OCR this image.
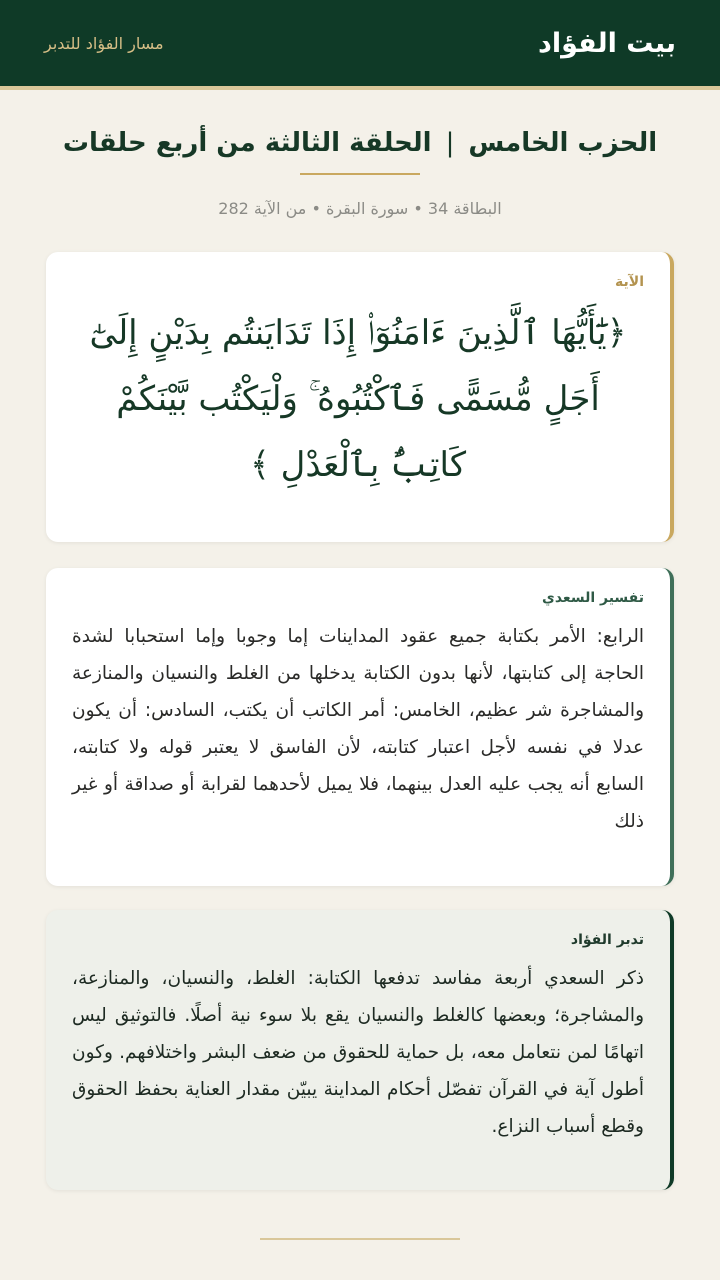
بيت الفؤاد
مسار الفؤاد للتدبر
الحزب الخامس|الحلقة الثالثة من أربع حلقات
البطاقة 34 • سورة البقرة • من الآية 282
الآية
﴿يَٰٓأَيُّهَا ٱلَّذِينَ ءَامَنُوٓا۟ إِذَا تَدَايَنتُم بِدَيْنٍ إِلَىٰٓ أَجَلٍ مُّسَمًّى فَٱكْتُبُوهُ ۚ وَلْيَكْتُب بَّيْنَكُمْ كَاتِبٌۢ بِٱلْعَدْلِ ﴾
تفسير السعدي
الرابع: الأمر بكتابة جميع عقود المداينات إما وجوبا وإما استحبابا لشدة الحاجة إلى كتابتها، لأنها بدون الكتابة يدخلها من الغلط والنسيان والمنازعة والمشاجرة شر عظيم، الخامس: أمر الكاتب أن يكتب، السادس: أن يكون عدلا في نفسه لأجل اعتبار كتابته، لأن الفاسق لا يعتبر قوله ولا كتابته، السابع أنه يجب عليه العدل بينهما، فلا يميل لأحدهما لقرابة أو صداقة أو غير ذلك
تدبر الفؤاد
ذكر السعدي أربعة مفاسد تدفعها الكتابة: الغلط، والنسيان، والمنازعة، والمشاجرة؛ وبعضها كالغلط والنسيان يقع بلا سوء نية أصلًا. فالتوثيق ليس اتهامًا لمن نتعامل معه، بل حماية للحقوق من ضعف البشر واختلافهم. وكون أطول آية في القرآن تفصّل أحكام المداينة يبيّن مقدار العناية بحفظ الحقوق وقطع أسباب النزاع.
